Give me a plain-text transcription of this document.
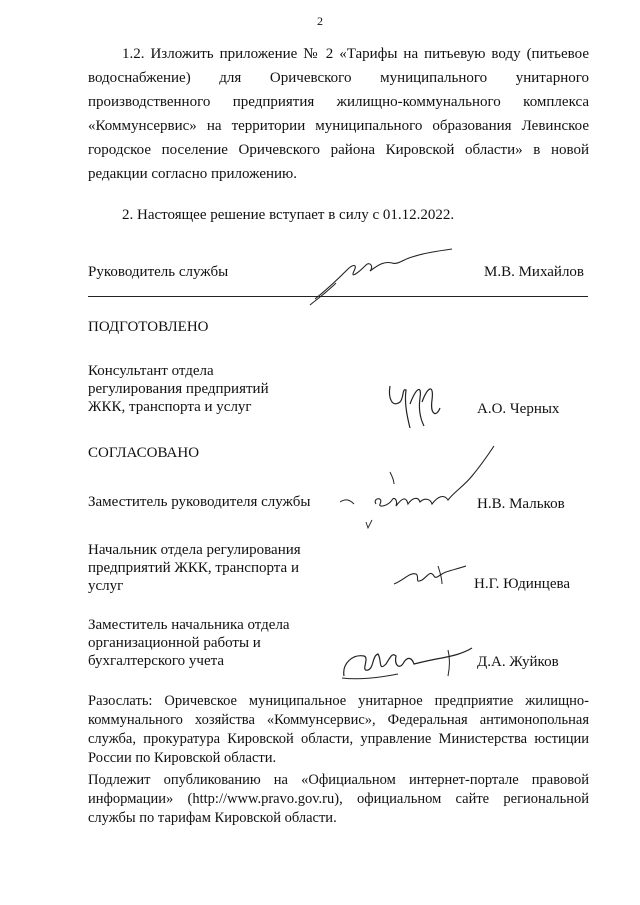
2

1.2. Изложить приложение № 2 «Тарифы на питьевую воду (питьевое водоснабжение) для Оричевского муниципального унитарного производственного предприятия жилищно-коммунального комплекса «Коммунсервис» на территории муниципального образования Левинское городское поселение Оричевского района Кировской области» в новой редакции согласно приложению.

2. Настоящее решение вступает в силу с 01.12.2022.

Руководитель службы	М.В. Михайлов
ПОДГОТОВЛЕНО
Консультант отдела
регулирования предприятий
ЖКК, транспорта и услуг	А.О. Черных
СОГЛАСОВАНО
Заместитель руководителя службы	Н.В. Мальков
Начальник отдела регулирования
предприятий ЖКК, транспорта и
услуг	Н.Г. Юдинцева
Заместитель начальника отдела
организационной работы и
бухгалтерского учета	Д.А. Жуйков

Разослать: Оричевское муниципальное унитарное предприятие жилищно-коммунального хозяйства «Коммунсервис», Федеральная антимонопольная служба, прокуратура Кировской области, управление Министерства юстиции России по Кировской области.

Подлежит опубликованию на «Официальном интернет-портале правовой информации» (http://www.pravo.gov.ru), официальном сайте региональной службы по тарифам Кировской области.
